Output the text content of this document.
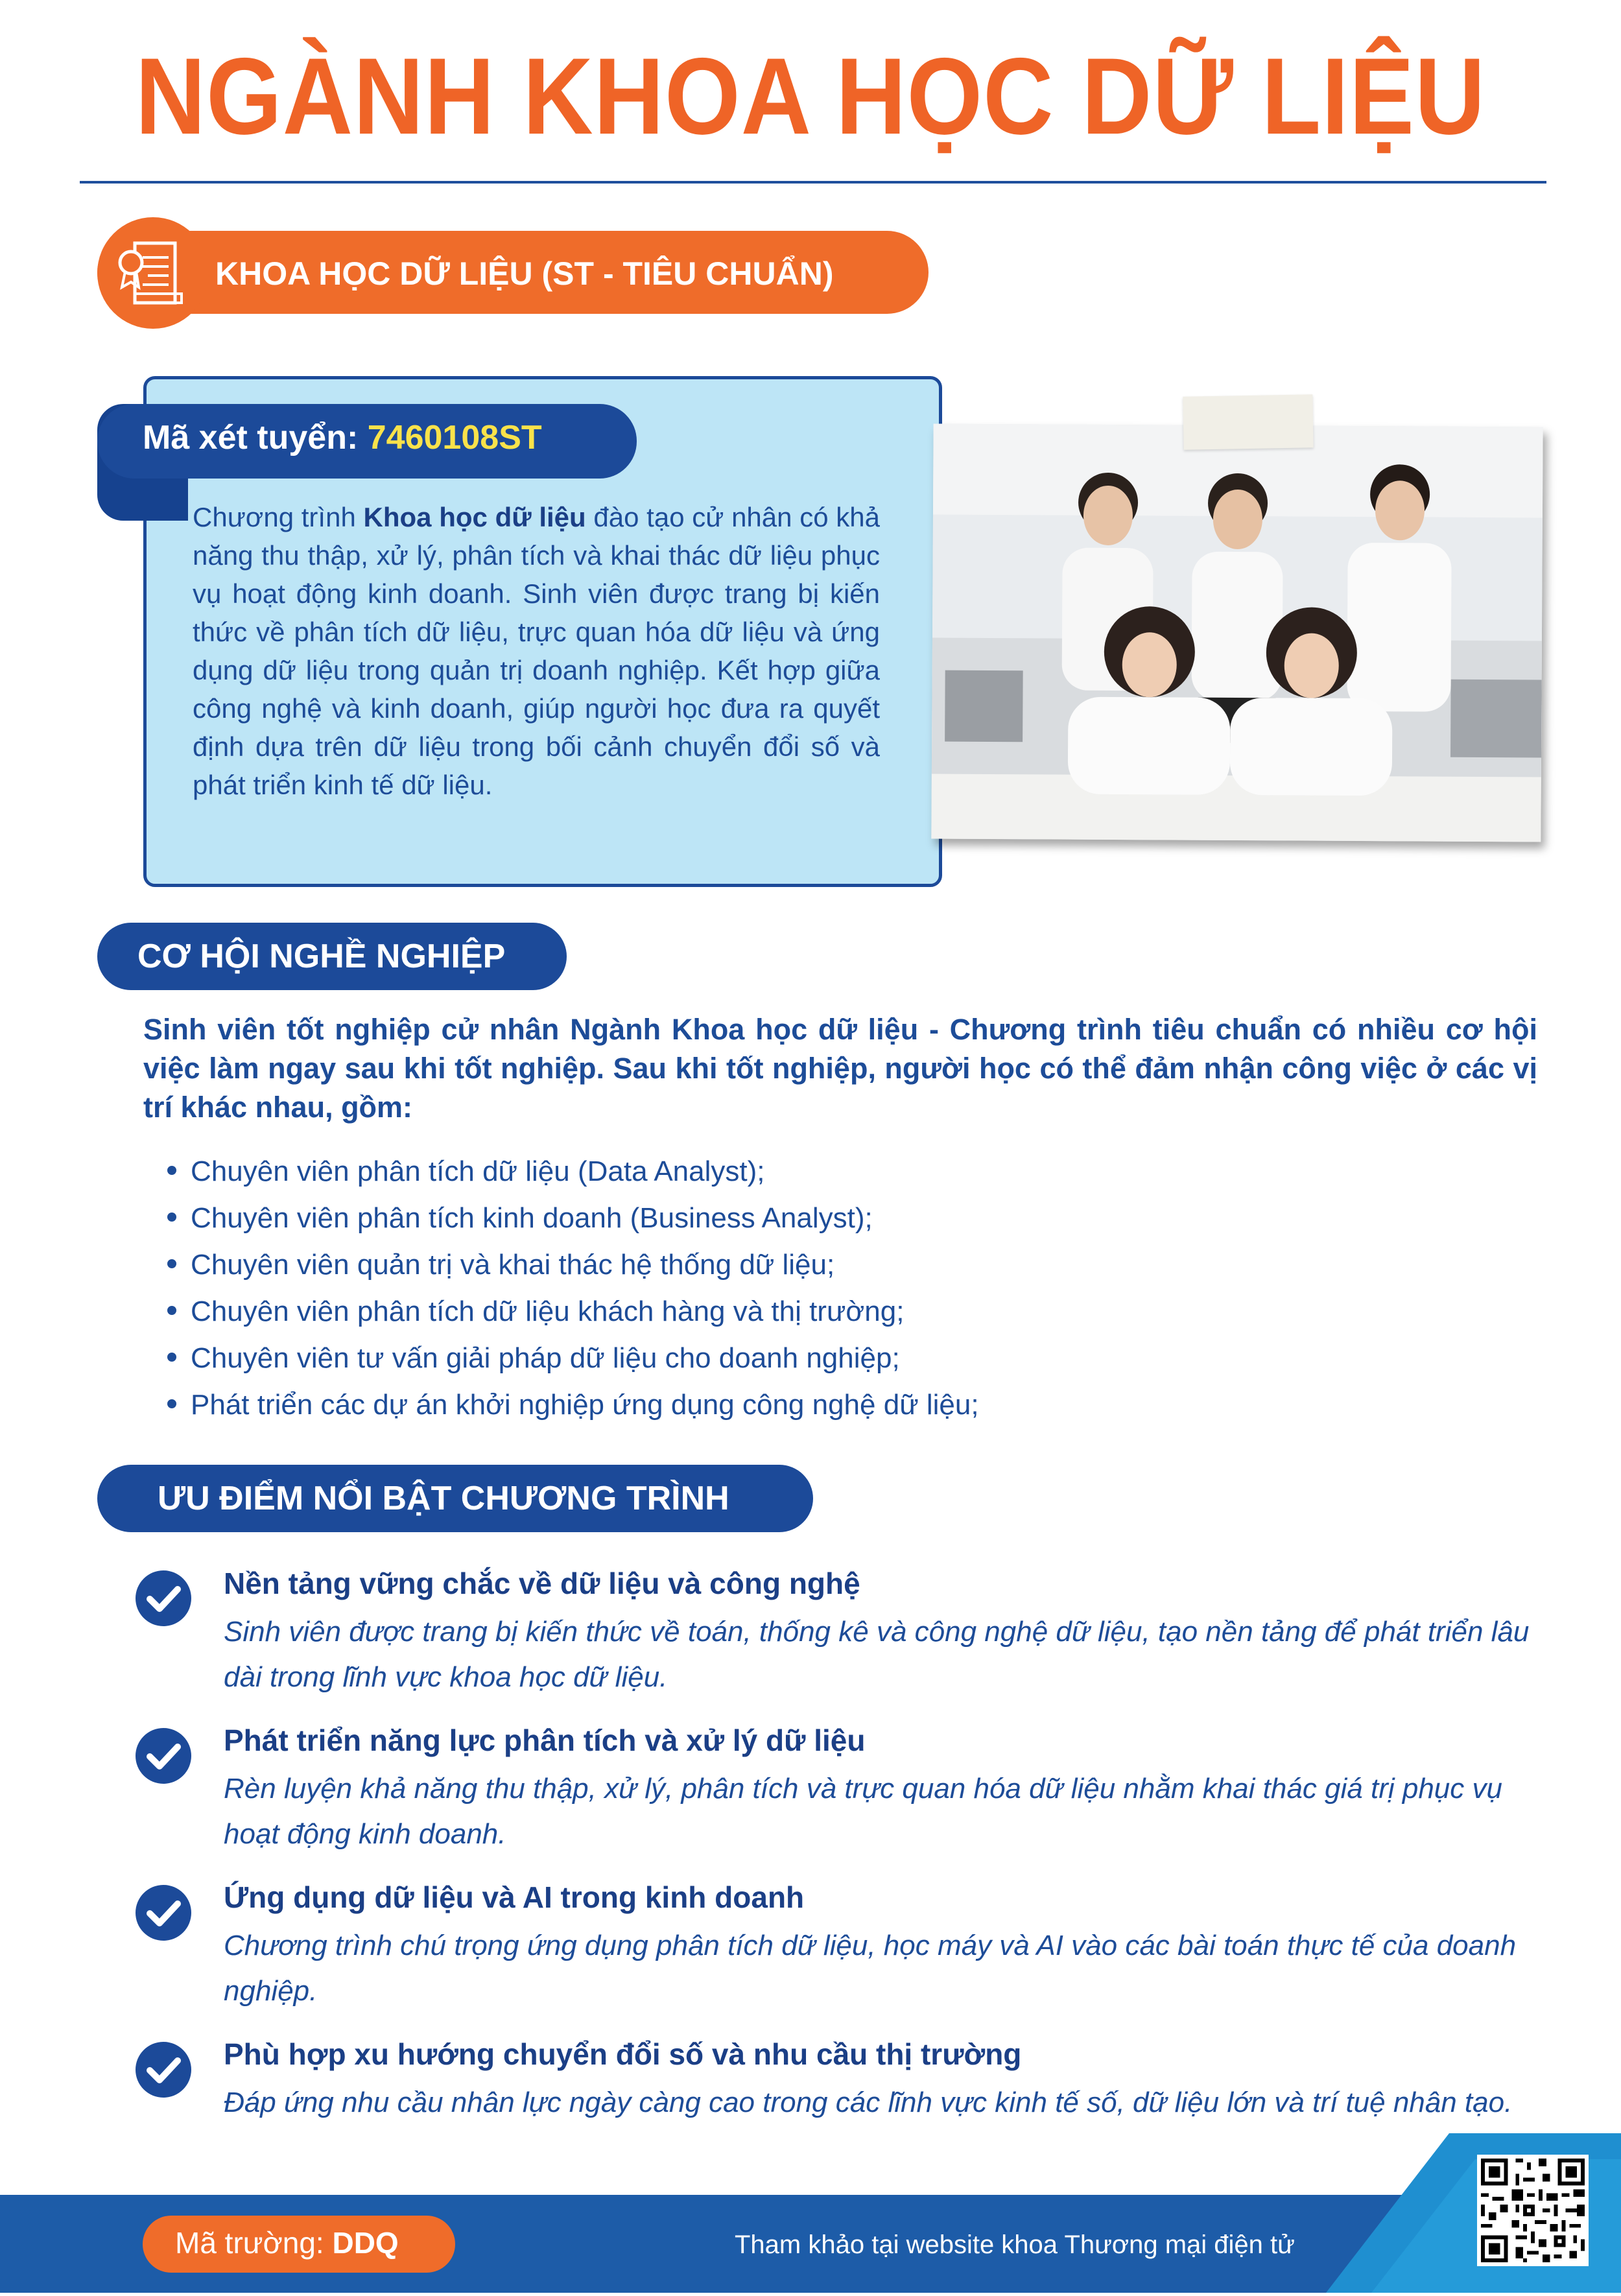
NGÀNH KHOA HỌC DỮ LIỆU
KHOA HỌC DỮ LIỆU (ST - TIÊU CHUẨN)
Mã xét tuyển: 7460108ST
Chương trình Khoa học dữ liệu đào tạo cử nhân có khả năng thu thập, xử lý, phân tích và khai thác dữ liệu phục vụ hoạt động kinh doanh. Sinh viên được trang bị kiến thức về phân tích dữ liệu, trực quan hóa dữ liệu và ứng dụng dữ liệu trong quản trị doanh nghiệp. Kết hợp giữa công nghệ và kinh doanh, giúp người học đưa ra quyết định dựa trên dữ liệu trong bối cảnh chuyển đổi số và phát triển kinh tế dữ liệu.
CƠ HỘI NGHỀ NGHIỆP
Sinh viên tốt nghiệp cử nhân Ngành Khoa học dữ liệu - Chương trình tiêu chuẩn có nhiều cơ hội việc làm ngay sau khi tốt nghiệp. Sau khi tốt nghiệp, người học có thể đảm nhận công việc ở các vị trí khác nhau, gồm:
Chuyên viên phân tích dữ liệu (Data Analyst);
Chuyên viên phân tích kinh doanh (Business Analyst);
Chuyên viên quản trị và khai thác hệ thống dữ liệu;
Chuyên viên phân tích dữ liệu khách hàng và thị trường;
Chuyên viên tư vấn giải pháp dữ liệu cho doanh nghiệp;
Phát triển các dự án khởi nghiệp ứng dụng công nghệ dữ liệu;
ƯU ĐIỂM NỔI BẬT CHƯƠNG TRÌNH
Nền tảng vững chắc về dữ liệu và công nghệ
Sinh viên được trang bị kiến thức về toán, thống kê và công nghệ dữ liệu, tạo nền tảng để phát triển lâu dài trong lĩnh vực khoa học dữ liệu.
Phát triển năng lực phân tích và xử lý dữ liệu
Rèn luyện khả năng thu thập, xử lý, phân tích và trực quan hóa dữ liệu nhằm khai thác giá trị phục vụ hoạt động kinh doanh.
Ứng dụng dữ liệu và AI trong kinh doanh
Chương trình chú trọng ứng dụng phân tích dữ liệu, học máy và AI vào các bài toán thực tế của doanh nghiệp.
Phù hợp xu hướng chuyển đổi số và nhu cầu thị trường
Đáp ứng nhu cầu nhân lực ngày càng cao trong các lĩnh vực kinh tế số, dữ liệu lớn và trí tuệ nhân tạo.
Mã trường: DDQ	Tham khảo tại website khoa Thương mại điện tử
